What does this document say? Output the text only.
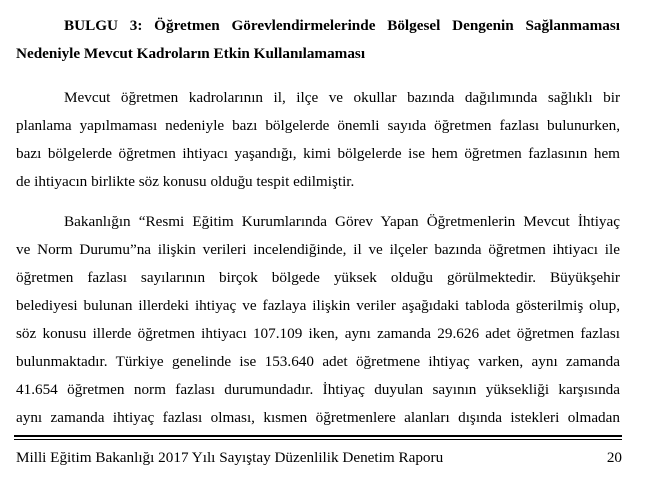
BULGU 3: Öğretmen Görevlendirmelerinde Bölgesel Dengenin Sağlanmaması
Nedeniyle Mevcut Kadroların Etkin Kullanılamaması
Mevcut öğretmen kadrolarının il, ilçe ve okullar bazında dağılımında sağlıklı bir
planlama yapılmaması nedeniyle bazı bölgelerde önemli sayıda öğretmen fazlası bulunurken,
bazı bölgelerde öğretmen ihtiyacı yaşandığı, kimi bölgelerde ise hem öğretmen fazlasının hem
de ihtiyacın birlikte söz konusu olduğu tespit edilmiştir.
Bakanlığın “Resmi Eğitim Kurumlarında Görev Yapan Öğretmenlerin Mevcut İhtiyaç
ve Norm Durumu”na ilişkin verileri incelendiğinde, il ve ilçeler bazında öğretmen ihtiyacı ile
öğretmen fazlası sayılarının birçok bölgede yüksek olduğu görülmektedir. Büyükşehir
belediyesi bulunan illerdeki ihtiyaç ve fazlaya ilişkin veriler aşağıdaki tabloda gösterilmiş olup,
söz konusu illerde öğretmen ihtiyacı 107.109 iken, aynı zamanda 29.626 adet öğretmen fazlası
bulunmaktadır. Türkiye genelinde ise 153.640 adet öğretmene ihtiyaç varken, aynı zamanda
41.654 öğretmen norm fazlası durumundadır. İhtiyaç duyulan sayının yüksekliği karşısında
aynı zamanda ihtiyaç fazlası olması, kısmen öğretmenlere alanları dışında istekleri olmadan
Milli Eğitim Bakanlığı 2017 Yılı Sayıştay Düzenlilik Denetim Raporu	20
